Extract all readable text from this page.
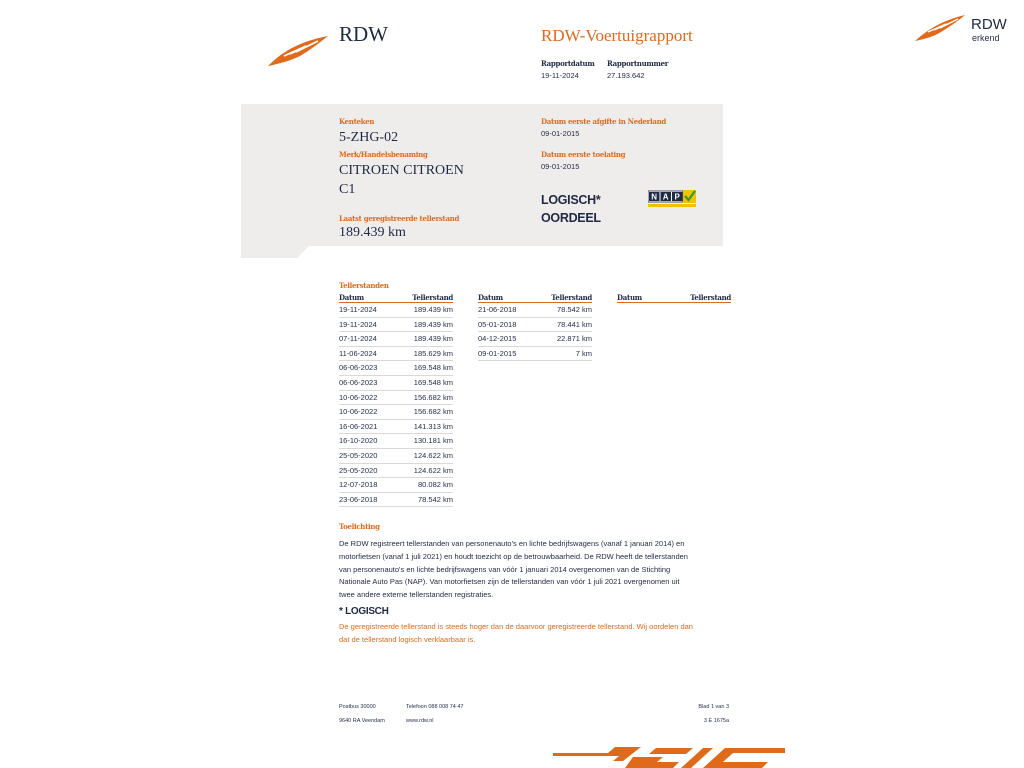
RDW	RDW-Voertuigrapport
Rapportdatum
19-11-2024
Rapportnummer
27.193.642
RDW
erkend
Kenteken
5-ZHG-02
Merk/Handelsbenaming
CITROEN CITROEN
C1
Laatst geregistreerde tellerstand
189.439 km
Datum eerste afgifte in Nederland
09-01-2015
Datum eerste toelating
09-01-2015
LOGISCH*
OORDEEL
N A P
Tellerstanden
Datum	Tellerstand
19-11-2024	189.439 km
19-11-2024	189.439 km
07-11-2024	189.439 km
11-06-2024	185.629 km
06-06-2023	169.548 km
06-06-2023	169.548 km
10-06-2022	156.682 km
10-06-2022	156.682 km
16-06-2021	141.313 km
16-10-2020	130.181 km
25-05-2020	124.622 km
25-05-2020	124.622 km
12-07-2018	80.082 km
23-06-2018	78.542 km
Datum	Tellerstand
21-06-2018	78.542 km
05-01-2018	78.441 km
04-12-2015	22.871 km
09-01-2015	7 km
Datum	Tellerstand
Toelichting
De RDW registreert tellerstanden van personenauto's en lichte bedrijfswagens (vanaf 1 januari 2014) en
motorfietsen (vanaf 1 juli 2021) en houdt toezicht op de betrouwbaarheid. De RDW heeft de tellerstanden
van personenauto's en lichte bedrijfswagens van vóór 1 januari 2014 overgenomen van de Stichting
Nationale Auto Pas (NAP). Van motorfietsen zijn de tellerstanden van vóór 1 juli 2021 overgenomen uit
twee andere externe tellerstanden registraties.
* LOGISCH
De geregistreerde tellerstand is steeds hoger dan de daarvoor geregistreerde tellerstand. Wij oordelen dan
dat de tellerstand logisch verklaarbaar is.
Postbus 30000
9640 RA Veendam
Telefoon 088 008 74 47
www.rdw.nl
Blad 1 van 3
3 E 1675a
